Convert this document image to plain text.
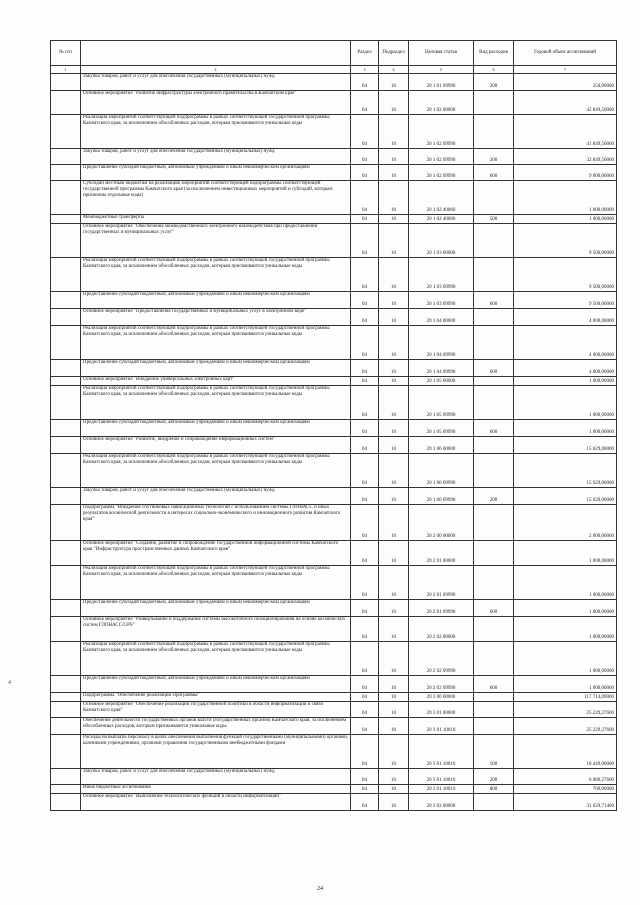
4
№ п/п		Раздел	Подраздел	Целевая статья	Вид расходов	Годовой объем ассигнований
1	2	3	4	5	6	7
	Закупка товаров, работ и услуг для обеспечения государственных (муниципальных) нужд	04	10	20 1 01 09990	200	250,00000
	Основное мероприятие "Развитие инфраструктуры электронного правительства в Камчатском крае"	04	10	20 1 02 00000		42 849,50000
	Реализация мероприятий соответствующей подпрограммы в рамках соответствующей государственной программы Камчатского края, за исключением обособленных расходов, которым присваиваются уникальные коды	04	10	20 1 02 09990		41 849,50000
	Закупка товаров, работ и услуг для обеспечения государственных (муниципальных) нужд	04	10	20 1 02 09990	200	32 849,50000
	Предоставление субсидий бюджетным, автономным учреждениям и иным некоммерческим организациям	04	10	20 1 02 09990	600	9 000,00000
	Субсидии местным бюджетам на реализацию мероприятий соответствующей подпрограммы соответствующей государственной программы Камчатского края (за исключением инвестиционных мероприятий и субсидий, которым присвоены отдельные коды)	04	10	20 1 02 40060		1 000,00000
	Межбюджетные трансферты	04	10	20 1 02 40060	500	1 000,00000
	Основное мероприятие "Обеспечение межведомственного электронного взаимодействия при предоставлении государственных и муниципальных услуг"	04	10	20 1 03 00000		9 500,00000
	Реализация мероприятий соответствующей подпрограммы в рамках соответствующей государственной программы Камчатского края, за исключением обособленных расходов, которым присваиваются уникальные коды	04	10	20 1 03 09990		9 500,00000
	Предоставление субсидий бюджетным, автономным учреждениям и иным некоммерческим организациям	04	10	20 1 03 09990	600	9 500,00000
	Основное мероприятие "Предоставление государственных и муниципальных услуг в электронном виде"	04	10	20 1 04 00000		4 000,00000
	Реализация мероприятий соответствующей подпрограммы в рамках соответствующей государственной программы Камчатского края, за исключением обособленных расходов, которым присваиваются уникальные коды	04	10	20 1 04 09990		4 000,00000
	Предоставление субсидий бюджетным, автономным учреждениям и иным некоммерческим организациям	04	10	20 1 04 09990	600	4 000,00000
	Основное мероприятие "Внедрение универсальных электронных карт"	04	10	20 1 05 00000		1 000,00000
	Реализация мероприятий соответствующей подпрограммы в рамках соответствующей государственной программы Камчатского края, за исключением обособленных расходов, которым присваиваются уникальные коды	04	10	20 1 05 09990		1 000,00000
	Предоставление субсидий бюджетным, автономным учреждениям и иным некоммерческим организациям	04	10	20 1 05 09990	600	1 000,00000
	Основное мероприятие "Развитие, внедрение и сопровождение информационных систем"	04	10	20 1 06 00000		15 629,00000
	Реализация мероприятий соответствующей подпрограммы в рамках соответствующей государственной программы Камчатского края, за исключением обособленных расходов, которым присваиваются уникальные коды	04	10	20 1 06 09990		15 629,00000
	Закупка товаров, работ и услуг для обеспечения государственных (муниципальных) нужд	04	10	20 1 06 09990	200	15 629,00000
	Подпрограмма "Внедрение спутниковых навигационных технологий с использованием системы ГЛОНАСС и иных результатов космической деятельности в интересах социально-экономического и инновационного развития Камчатского края"	04	10	20 2 00 00000		2 000,00000
	Основное мероприятие "Создание, развитие и сопровождение государственной информационной системы Камчатского края "Инфраструктура пространственных данных Камчатского края"	04	10	20 2 01 00000		1 000,00000
	Реализация мероприятий соответствующей подпрограммы в рамках соответствующей государственной программы Камчатского края, за исключением обособленных расходов, которым присваиваются уникальные коды	04	10	20 2 01 09990		1 000,00000
	Предоставление субсидий бюджетным, автономным учреждениям и иным некоммерческим организациям	04	10	20 2 01 09990	600	1 000,00000
	Основное мероприятие "Развертывание и поддержание системы высокоточного позиционирования на основе космических систем ГЛОНАСС/GPS"	04	10	20 2 02 00000		1 000,00000
	Реализация мероприятий соответствующей подпрограммы в рамках соответствующей государственной программы Камчатского края, за исключением обособленных расходов, которым присваиваются уникальные коды	04	10	20 2 02 09990		1 000,00000
	Предоставление субсидий бюджетным, автономным учреждениям и иным некоммерческим организациям	04	10	20 2 02 09990	600	1 000,00000
	Подпрограмма "Обеспечение реализации Программы"	04	10	20 3 00 00000		117 714,09000
	Основное мероприятие "Обеспечение реализации государственной политики в области информатизации и связи Камчатского края"	04	10	20 3 01 00000		25 229,27600
	Обеспечение деятельности государственных органов власти (государственных органов) Камчатского края, за исключением обособленных расходов, которым присваиваются уникальные коды	04	10	20 3 01 10010		25 229,27600
	Расходы на выплаты персоналу в целях обеспечения выполнения функций государственными (муниципальными) органами, казенными учреждениями, органами управления государственными внебюджетными фондами	04	10	20 3 01 10010	100	18 449,00000
	Закупка товаров, работ и услуг для обеспечения государственных (муниципальных) нужд	04	10	20 3 01 10010	200	6 080,27600
	Иные бюджетные ассигнования	04	10	20 3 01 10010	800	700,00000
	Основное мероприятие "Выполнение технологических функций в области информатизации"	04	10	20 3 02 00000		31 629,71400
24
